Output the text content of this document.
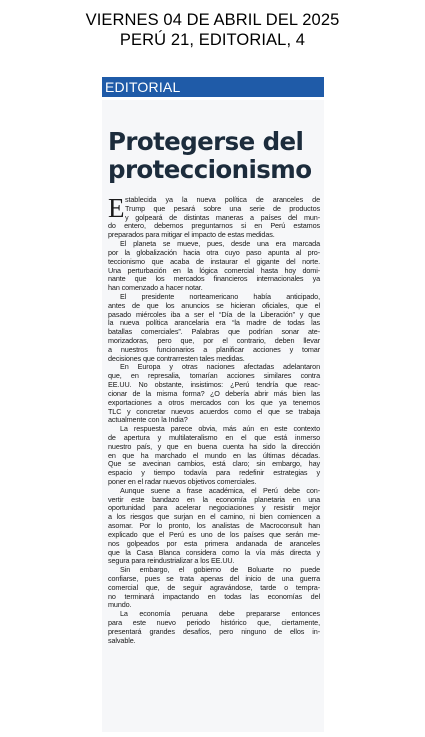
VIERNES 04 DE ABRIL DEL 2025
PERÚ 21, EDITORIAL, 4
EDITORIAL
Protegerse del
proteccionismo
E stablecida ya la nueva política de aranceles de
Trump que pesará sobre una serie de productos
y golpeará de distintas maneras a países del mun-
do entero, debemos preguntarnos si en Perú estamos
preparados para mitigar el impacto de estas medidas.
El planeta se mueve, pues, desde una era marcada
por la globalización hacia otra cuyo paso apunta al pro-
teccionismo que acaba de instaurar el gigante del norte.
Una perturbación en la lógica comercial hasta hoy domi-
nante que los mercados financieros internacionales ya
han comenzado a hacer notar.
El presidente norteamericano había anticipado,
antes de que los anuncios se hicieran oficiales, que el
pasado miércoles iba a ser el “Día de la Liberación” y que
la nueva política arancelaria era “la madre de todas las
batallas comerciales”. Palabras que podrían sonar ate-
morizadoras, pero que, por el contrario, deben llevar
a nuestros funcionarios a planificar acciones y tomar
decisiones que contrarresten tales medidas.
En Europa y otras naciones afectadas adelantaron
que, en represalia, tomarían acciones similares contra
EE.UU. No obstante, insistimos: ¿Perú tendría que reac-
cionar de la misma forma? ¿O debería abrir más bien las
exportaciones a otros mercados con los que ya tenemos
TLC y concretar nuevos acuerdos como el que se trabaja
actualmente con la India?
La respuesta parece obvia, más aún en este contexto
de apertura y multilateralismo en el que está inmerso
nuestro país, y que en buena cuenta ha sido la dirección
en que ha marchado el mundo en las últimas décadas.
Que se avecinan cambios, está claro; sin embargo, hay
espacio y tiempo todavía para redefinir estrategias y
poner en el radar nuevos objetivos comerciales.
Aunque suene a frase académica, el Perú debe con-
vertir este bandazo en la economía planetaria en una
oportunidad para acelerar negociaciones y resistir mejor
a los riesgos que surjan en el camino, ni bien comiencen a
asomar. Por lo pronto, los analistas de Macroconsult han
explicado que el Perú es uno de los países que serán me-
nos golpeados por esta primera andanada de aranceles
que la Casa Blanca considera como la vía más directa y
segura para reindustrializar a los EE.UU.
Sin embargo, el gobierno de Boluarte no puede
confiarse, pues se trata apenas del inicio de una guerra
comercial que, de seguir agravándose, tarde o tempra-
no terminará impactando en todas las economías del
mundo.
La economía peruana debe prepararse entonces
para este nuevo periodo histórico que, ciertamente,
presentará grandes desafíos, pero ninguno de ellos in-
salvable.
